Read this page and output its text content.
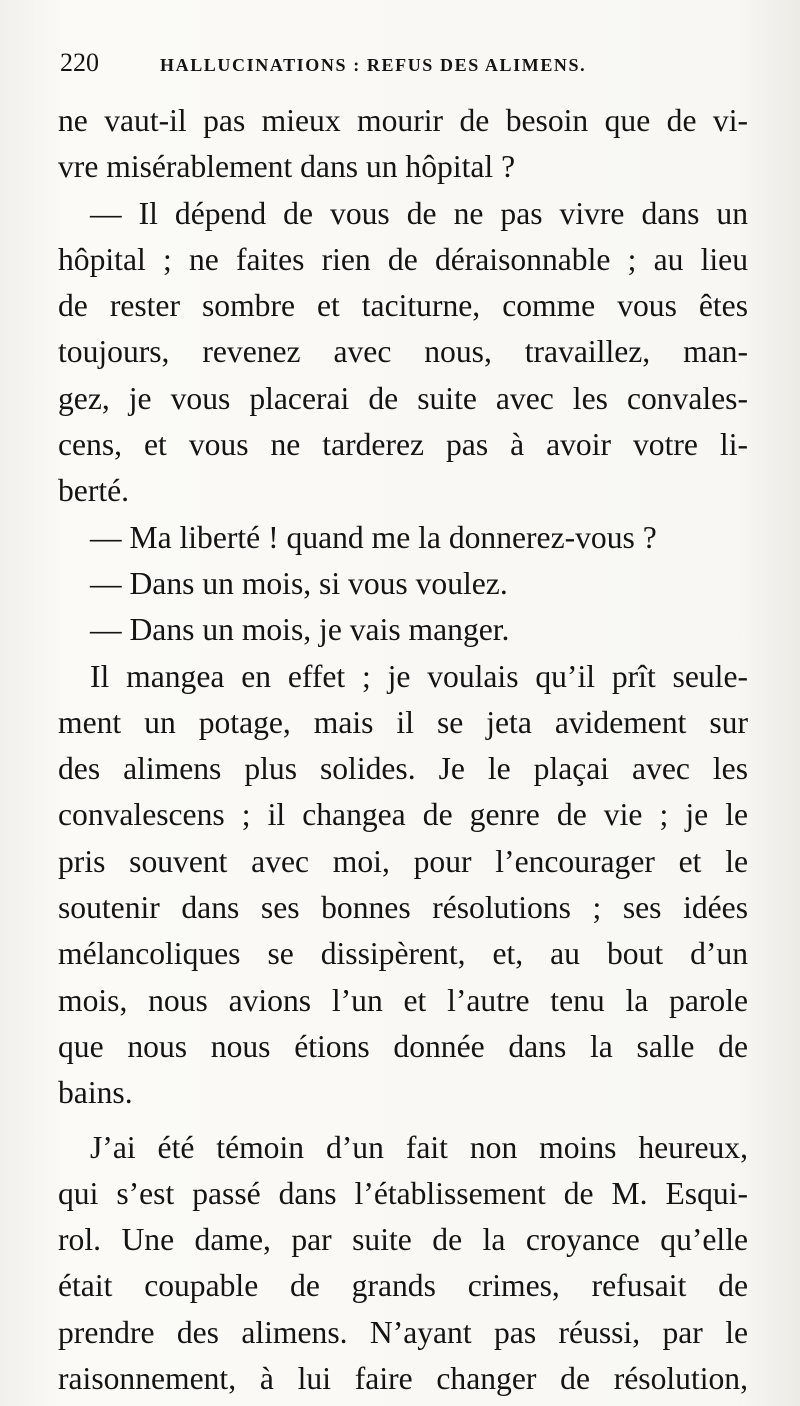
220	HALLUCINATIONS : REFUS DES ALIMENS.
ne vaut-il pas mieux mourir de besoin que de vi-
vre misérablement dans un hôpital ?
— Il dépend de vous de ne pas vivre dans un
hôpital ; ne faites rien de déraisonnable ; au lieu
de rester sombre et taciturne, comme vous êtes
toujours, revenez avec nous, travaillez, man-
gez, je vous placerai de suite avec les convales-
cens, et vous ne tarderez pas à avoir votre li-
berté.
— Ma liberté ! quand me la donnerez-vous ?
— Dans un mois, si vous voulez.
— Dans un mois, je vais manger.
Il mangea en effet ; je voulais qu’il prît seule-
ment un potage, mais il se jeta avidement sur
des alimens plus solides. Je le plaçai avec les
convalescens ; il changea de genre de vie ; je le
pris souvent avec moi, pour l’encourager et le
soutenir dans ses bonnes résolutions ; ses idées
mélancoliques se dissipèrent, et, au bout d’un
mois, nous avions l’un et l’autre tenu la parole
que nous nous étions donnée dans la salle de
bains.
J’ai été témoin d’un fait non moins heureux,
qui s’est passé dans l’établissement de M. Esqui-
rol. Une dame, par suite de la croyance qu’elle
était coupable de grands crimes, refusait de
prendre des alimens. N’ayant pas réussi, par le
raisonnement, à lui faire changer de résolution,
